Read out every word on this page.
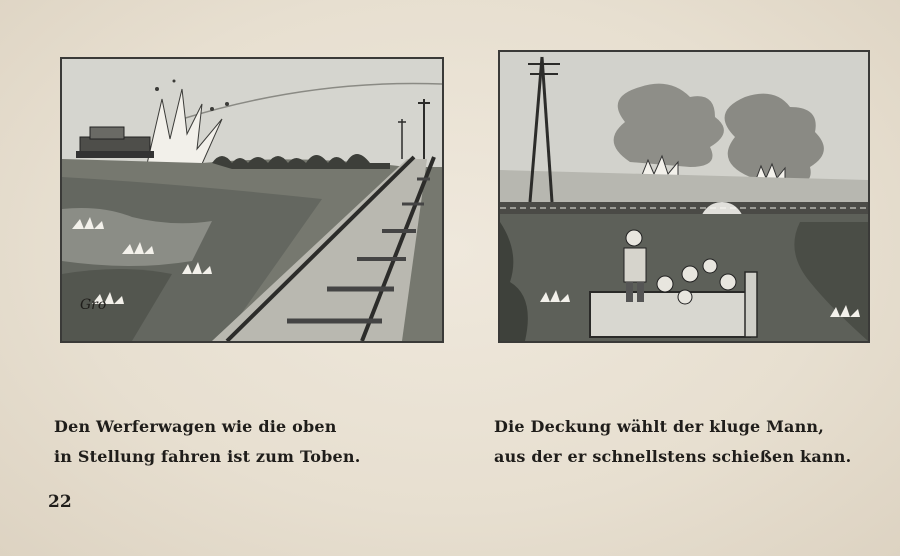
Gro
Den Werferwagen wie die oben
in Stellung fahren ist zum Toben.
Die Deckung wählt der kluge Mann,
aus der er schnellstens schießen kann.
22
